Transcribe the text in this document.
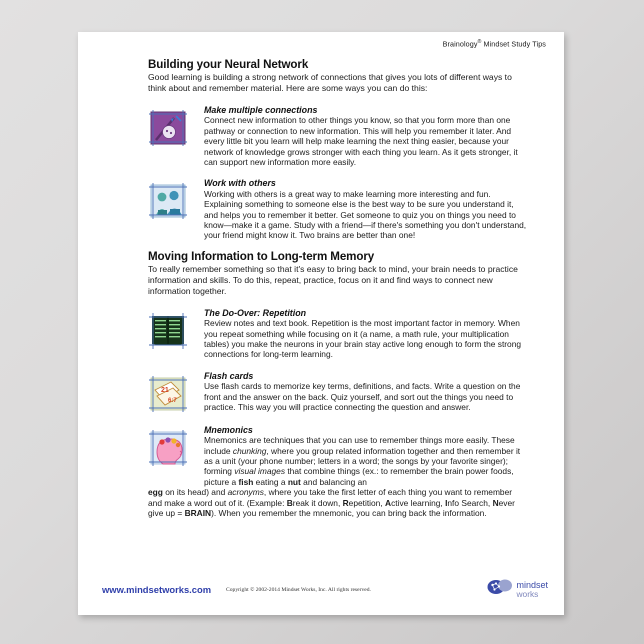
Brainology® Mindset Study Tips
Building your Neural Network

Good learning is building a strong network of connections that gives you lots of different ways to think about and remember material. Here are some ways you can do this:

Make multiple connections

Connect new information to other things you know, so that you form more than one pathway or connection to new information. This will help you remember it later. And every little bit you learn will help make learning the next thing easier, because your network of knowledge grows stronger with each thing you learn. As it gets stronger, it can support new information more easily.

Work with others

Working with others is a great way to make learning more interesting and fun. Explaining something to someone else is the best way to be sure you understand it, and helps you to remember it better. Get someone to quiz you on things you need to know—make it a game. Study with a friend—if there's something you don't understand, your friend might know it. Two brains are better than one!

Moving Information to Long-term Memory

To really remember something so that it's easy to bring back to mind, your brain needs to practice information and skills. To do this, repeat, practice, focus on it and find ways to connect new information together.

The Do-Over: Repetition

Review notes and text book. Repetition is the most important factor in memory. When you repeat something while focusing on it (a name, a math rule, your multiplication tables) you make the neurons in your brain stay active long enough to form the strong connections for long-term learning.

21
6:7
Flash cards

Use flash cards to memorize key terms, definitions, and facts. Write a question on the front and the answer on the back. Quiz yourself, and sort out the things you need to practice. This way you will practice connecting the question and answer.

Mnemonics

Mnemonics are techniques that you can use to remember things more easily. These include chunking, where you group related information together and then remember it as a unit (your phone number; letters in a word; the songs by your favorite singer); forming visual images that combine things (ex.: to remember the brain power foods, picture a fish eating a nut and balancing an

egg on its head) and acronyms, where you take the first letter of each thing you want to remember and make a word out of it. (Example: Break it down, Repetition, Active learning, Info Search, Never give up = BRAIN). When you remember the mnemonic, you can bring back the information.

www.mindsetworks.com	Copyright © 2002-2014 Mindset Works, Inc. All rights reserved.	mindset
works
